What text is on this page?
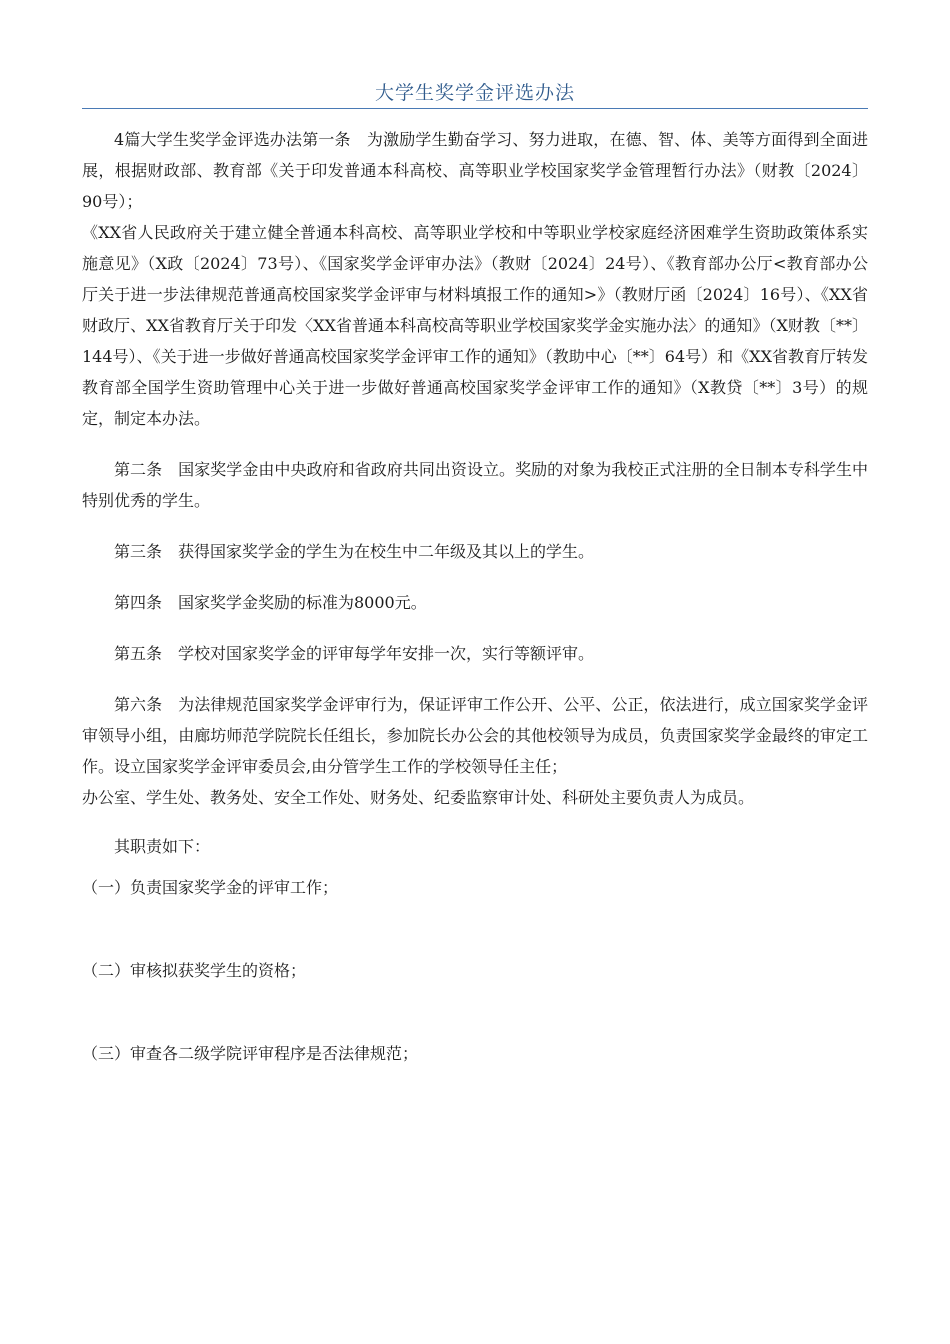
大学生奖学金评选办法

4篇大学生奖学金评选办法第一条　为激励学生勤奋学习、努力进取，在德、智、体、美等方面得到全面进展，根据财政部、教育部《关于印发普通本科高校、高等职业学校国家奖学金管理暂行办法》（财教〔2024〕90号）；

《XX省人民政府关于建立健全普通本科高校、高等职业学校和中等职业学校家庭经济困难学生资助政策体系实施意见》（X政〔2024〕73号）、《国家奖学金评审办法》（教财〔2024〕24号）、《教育部办公厅<教育部办公厅关于进一步法律规范普通高校国家奖学金评审与材料填报工作的通知>》（教财厅函〔2024〕16号）、《XX省财政厅、XX省教育厅关于印发〈XX省普通本科高校高等职业学校国家奖学金实施办法〉的通知》（X财教〔**〕144号）、《关于进一步做好普通高校国家奖学金评审工作的通知》（教助中心〔**〕64号）和《XX省教育厅转发教育部全国学生资助管理中心关于进一步做好普通高校国家奖学金评审工作的通知》（X教贷〔**〕3号）的规定，制定本办法。

第二条　国家奖学金由中央政府和省政府共同出资设立。奖励的对象为我校正式注册的全日制本专科学生中特别优秀的学生。

第三条　获得国家奖学金的学生为在校生中二年级及其以上的学生。

第四条　国家奖学金奖励的标准为8000元。

第五条　学校对国家奖学金的评审每学年安排一次，实行等额评审。

第六条　为法律规范国家奖学金评审行为，保证评审工作公开、公平、公正，依法进行，成立国家奖学金评审领导小组，由廊坊师范学院院长任组长，参加院长办公会的其他校领导为成员，负责国家奖学金最终的审定工作。设立国家奖学金评审委员会,由分管学生工作的学校领导任主任；

办公室、学生处、教务处、安全工作处、财务处、纪委监察审计处、科研处主要负责人为成员。

其职责如下：

（一）负责国家奖学金的评审工作；

（二）审核拟获奖学生的资格；

（三）审查各二级学院评审程序是否法律规范；
